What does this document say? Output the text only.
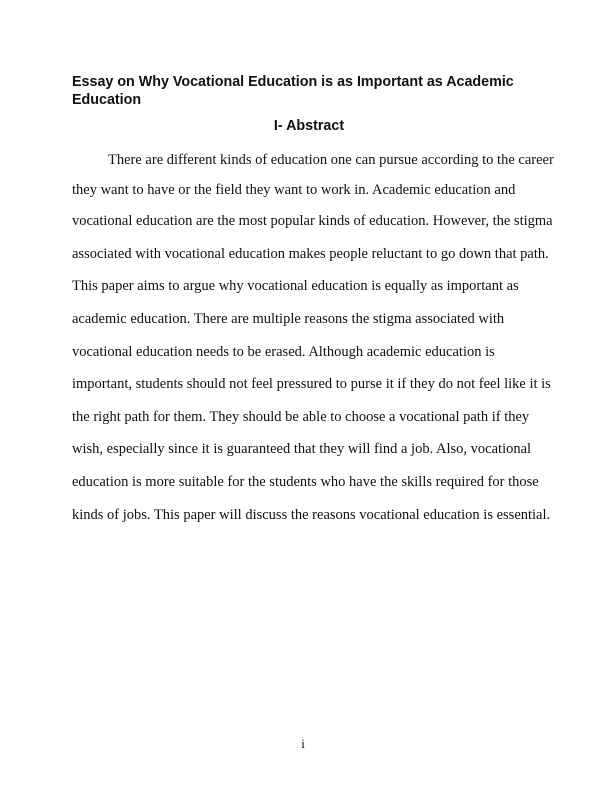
Essay on Why Vocational Education is as Important as Academic Education
I- Abstract
There are different kinds of education one can pursue according to the career
they want to have or the field they want to work in. Academic education and
vocational education are the most popular kinds of education. However, the stigma
associated with vocational education makes people reluctant to go down that path.
This paper aims to argue why vocational education is equally as important as
academic education. There are multiple reasons the stigma associated with
vocational education needs to be erased. Although academic education is
important, students should not feel pressured to purse it if they do not feel like it is
the right path for them. They should be able to choose a vocational path if they
wish, especially since it is guaranteed that they will find a job. Also, vocational
education is more suitable for the students who have the skills required for those
kinds of jobs. This paper will discuss the reasons vocational education is essential.
i
